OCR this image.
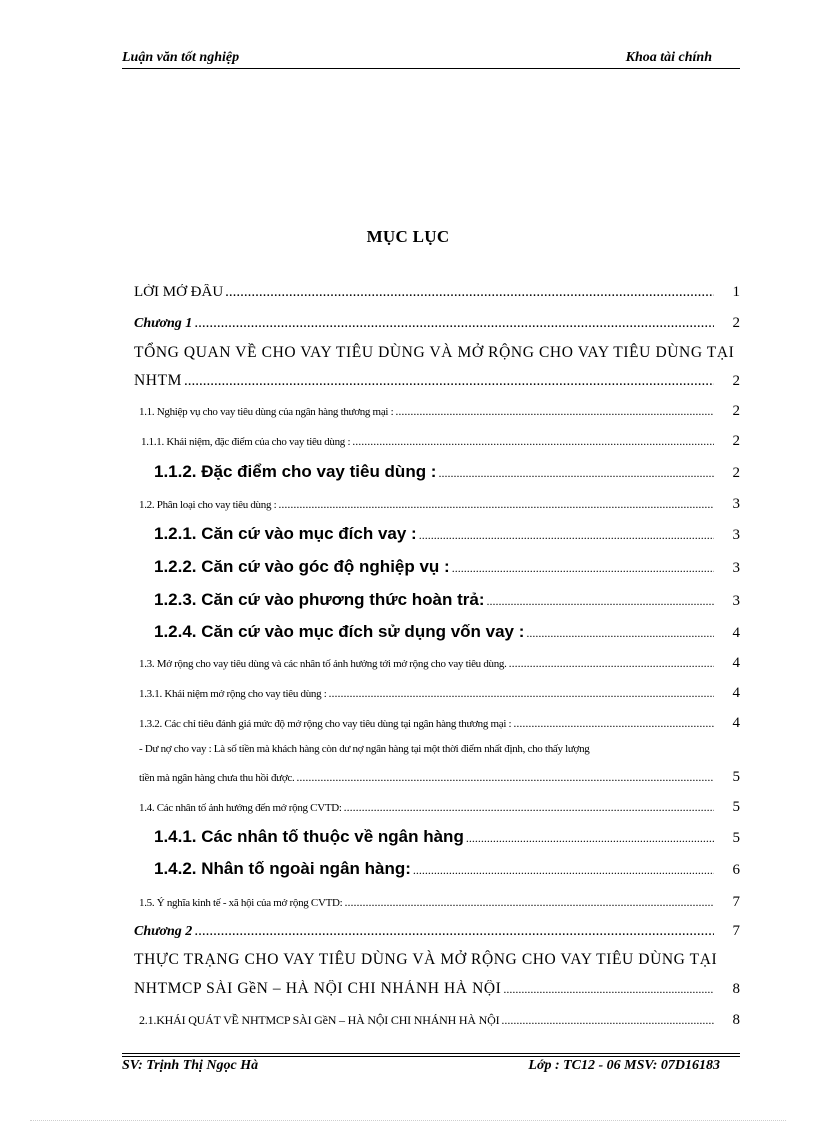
Luận văn tốt nghiệp	Khoa tài chính
MỤC LỤC
LỜI MỞ ĐẦU .....	1
Chương 1 .....	2
TỔNG QUAN VỀ CHO VAY TIÊU DÙNG VÀ MỞ RỘNG CHO VAY TIÊU DÙNG TẠI
NHTM .....	2
1.1. Nghiệp vụ cho vay tiêu dùng của ngân hàng thương mại : .....	2
1.1.1. Khái niệm, đặc điểm của cho vay tiêu dùng : .....	2
1.1.2. Đặc điểm cho vay tiêu dùng : .....	2
1.2. Phân loại cho vay tiêu dùng : .....	3
1.2.1. Căn cứ vào mục đích vay : .....	3
1.2.2. Căn cứ vào góc độ nghiệp vụ : .....	3
1.2.3. Căn cứ vào phương thức hoàn trả: .....	3
1.2.4. Căn cứ vào mục đích sử dụng vốn vay : .....	4
1.3. Mở rộng cho vay tiêu dùng và các nhân tố ảnh hưởng tới mở rộng cho vay tiêu dùng. .....	4
1.3.1. Khái niệm mở rộng cho vay tiêu dùng : .....	4
1.3.2. Các chỉ tiêu đánh giá mức độ mở rộng cho vay tiêu dùng tại ngân hàng thương mại : .....	4
- Dư nợ cho vay : Là số tiền mà khách hàng còn dư nợ ngân hàng tại một thời điểm nhất định, cho thấy lượng
tiền mà ngân hàng chưa thu hồi được. .....	5
1.4. Các nhân tố ảnh hưởng đến mở rộng CVTD: .....	5
1.4.1. Các nhân tố thuộc về ngân hàng .....	5
1.4.2. Nhân tố ngoài ngân hàng: .....	6
1.5. Ý nghĩa kinh tế - xã hội của mở rộng CVTD: .....	7
Chương 2 .....	7
THỰC TRẠNG CHO VAY TIÊU DÙNG VÀ MỞ RỘNG CHO VAY TIÊU DÙNG TẠI
NHTMCP SÀI GềN – HÀ NỘI CHI NHÁNH HÀ NỘI .....	8
2.1.KHÁI QUÁT VỀ NHTMCP SÀI GềN – HÀ NỘI CHI NHÁNH HÀ NỘI .....	8
SV: Trịnh Thị Ngọc Hà	Lớp : TC12 - 06 MSV: 07D16183
